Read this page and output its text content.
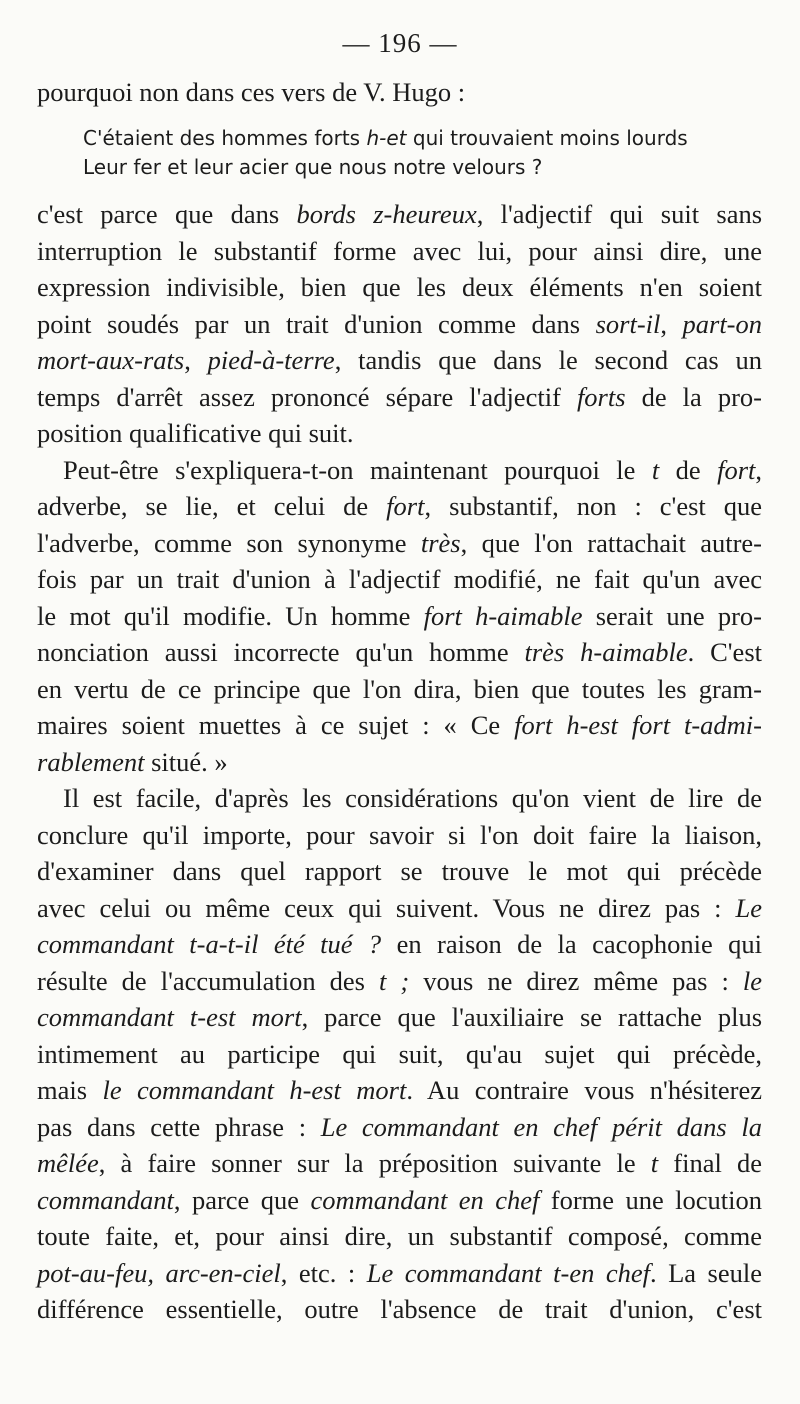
— 196 —
pourquoi non dans ces vers de V. Hugo :
C'étaient des hommes forts h-et qui trouvaient moins lourds
Leur fer et leur acier que nous notre velours ?
c'est parce que dans bords z-heureux, l'adjectif qui suit sans
interruption le substantif forme avec lui, pour ainsi dire, une
expression indivisible, bien que les deux éléments n'en soient
point soudés par un trait d'union comme dans sort-il, part-on
mort-aux-rats, pied-à-terre, tandis que dans le second cas un
temps d'arrêt assez prononcé sépare l'adjectif forts de la pro-
position qualificative qui suit.
Peut-être s'expliquera-t-on maintenant pourquoi le t de fort,
adverbe, se lie, et celui de fort, substantif, non : c'est que
l'adverbe, comme son synonyme très, que l'on rattachait autre-
fois par un trait d'union à l'adjectif modifié, ne fait qu'un avec
le mot qu'il modifie. Un homme fort h-aimable serait une pro-
nonciation aussi incorrecte qu'un homme très h-aimable. C'est
en vertu de ce principe que l'on dira, bien que toutes les gram-
maires soient muettes à ce sujet : « Ce fort h-est fort t-admi-
rablement situé. »
Il est facile, d'après les considérations qu'on vient de lire de
conclure qu'il importe, pour savoir si l'on doit faire la liaison,
d'examiner dans quel rapport se trouve le mot qui précède
avec celui ou même ceux qui suivent. Vous ne direz pas : Le
commandant t-a-t-il été tué ? en raison de la cacophonie qui
résulte de l'accumulation des t ; vous ne direz même pas : le
commandant t-est mort, parce que l'auxiliaire se rattache plus
intimement au participe qui suit, qu'au sujet qui précède,
mais le commandant h-est mort. Au contraire vous n'hésiterez
pas dans cette phrase : Le commandant en chef périt dans la
mêlée, à faire sonner sur la préposition suivante le t final de
commandant, parce que commandant en chef forme une locution
toute faite, et, pour ainsi dire, un substantif composé, comme
pot-au-feu, arc-en-ciel, etc. : Le commandant t-en chef. La seule
différence essentielle, outre l'absence de trait d'union, c'est
